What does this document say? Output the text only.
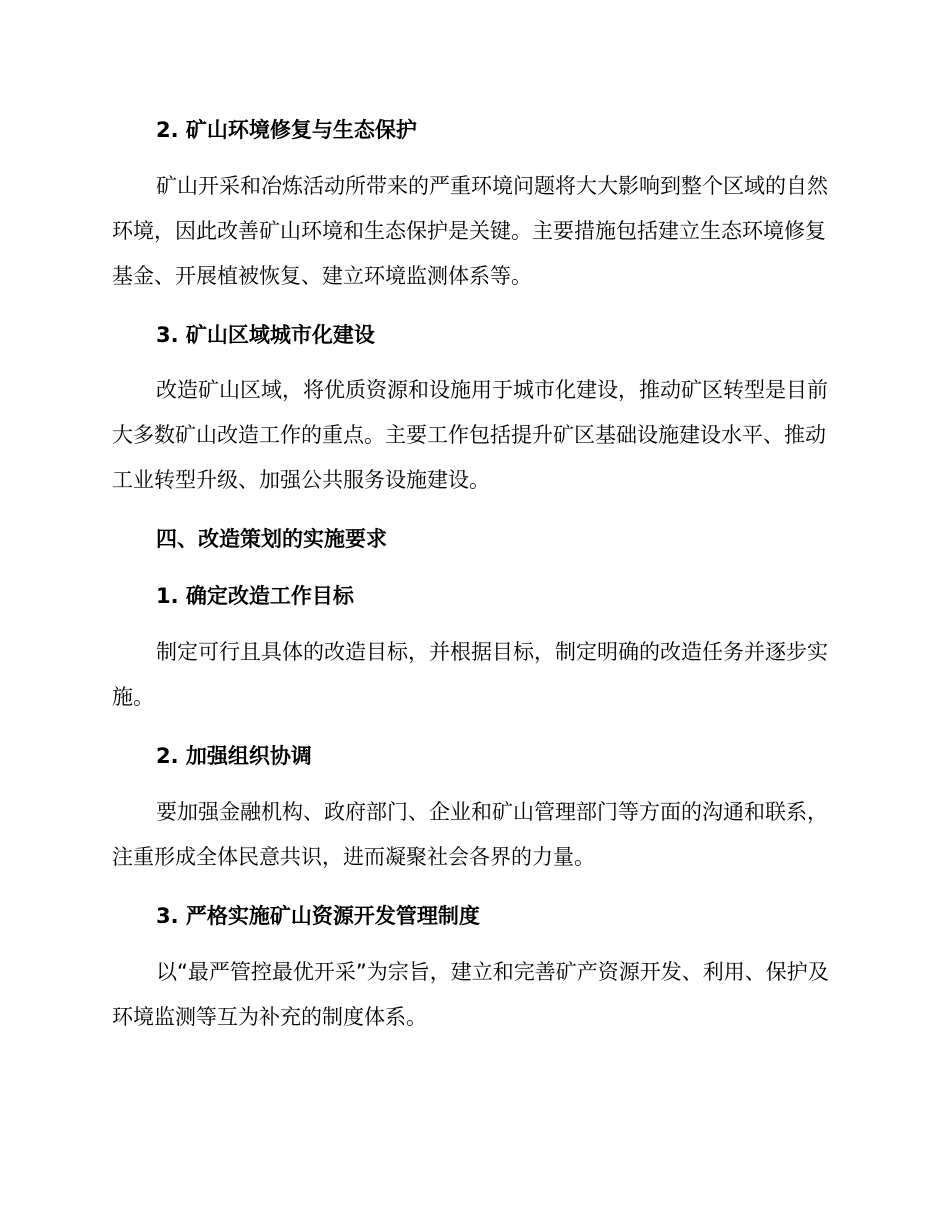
2. 矿山环境修复与生态保护

矿山开采和冶炼活动所带来的严重环境问题将大大影响到整个区域的自然环境，因此改善矿山环境和生态保护是关键。主要措施包括建立生态环境修复基金、开展植被恢复、建立环境监测体系等。

3. 矿山区域城市化建设

改造矿山区域，将优质资源和设施用于城市化建设，推动矿区转型是目前大多数矿山改造工作的重点。主要工作包括提升矿区基础设施建设水平、推动工业转型升级、加强公共服务设施建设。

四、改造策划的实施要求
1. 确定改造工作目标

制定可行且具体的改造目标，并根据目标，制定明确的改造任务并逐步实施。

2. 加强组织协调

要加强金融机构、政府部门、企业和矿山管理部门等方面的沟通和联系，注重形成全体民意共识，进而凝聚社会各界的力量。

3. 严格实施矿山资源开发管理制度

以“最严管控最优开采”为宗旨，建立和完善矿产资源开发、利用、保护及环境监测等互为补充的制度体系。
